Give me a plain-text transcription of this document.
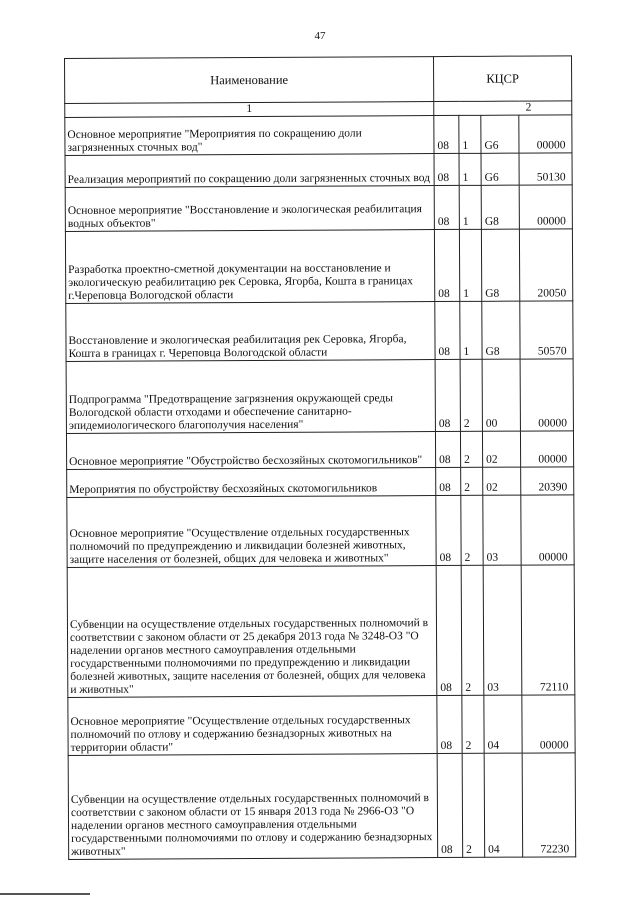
47
Наименование	КЦСР			
1	2			
Основное мероприятие "Мероприятия по сокращению доли загрязненных сточных вод"	08	1	G6	00000
Реализация мероприятий по сокращению доли загрязненных сточных вод	08	1	G6	50130
Основное мероприятие "Восстановление и экологическая реабилитация водных объектов"	08	1	G8	00000
Разработка проектно-сметной документации на восстановление и экологическую реабилитацию рек Серовка, Ягорба, Кошта в границах г.Череповца Вологодской области	08	1	G8	20050
Восстановление и экологическая реабилитация рек Серовка, Ягорба, Кошта в границах г. Череповца Вологодской области	08	1	G8	50570
Подпрограмма "Предотвращение загрязнения окружающей среды Вологодской области отходами и обеспечение санитарно-эпидемиологического благополучия населения"	08	2	00	00000
Основное мероприятие "Обустройство бесхозяйных скотомогильников"	08	2	02	00000
Мероприятия по обустройству бесхозяйных скотомогильников	08	2	02	20390
Основное мероприятие "Осуществление отдельных государственных полномочий по предупреждению и ликвидации болезней животных, защите населения от болезней, общих для человека и животных"	08	2	03	00000
Субвенции на осуществление отдельных государственных полномочий в соответствии с законом области от 25 декабря 2013 года № 3248-ОЗ "О наделении органов местного самоуправления отдельными государственными полномочиями по предупреждению и ликвидации болезней животных, защите населения от болезней, общих для человека и животных"	08	2	03	72110
Основное мероприятие "Осуществление отдельных государственных полномочий по отлову и содержанию безнадзорных животных на территории области"	08	2	04	00000
Субвенции на осуществление отдельных государственных полномочий в соответствии с законом области от 15 января 2013 года № 2966-ОЗ "О наделении органов местного самоуправления отдельными государственными полномочиями по отлову и содержанию безнадзорных животных"	08	2	04	72230
